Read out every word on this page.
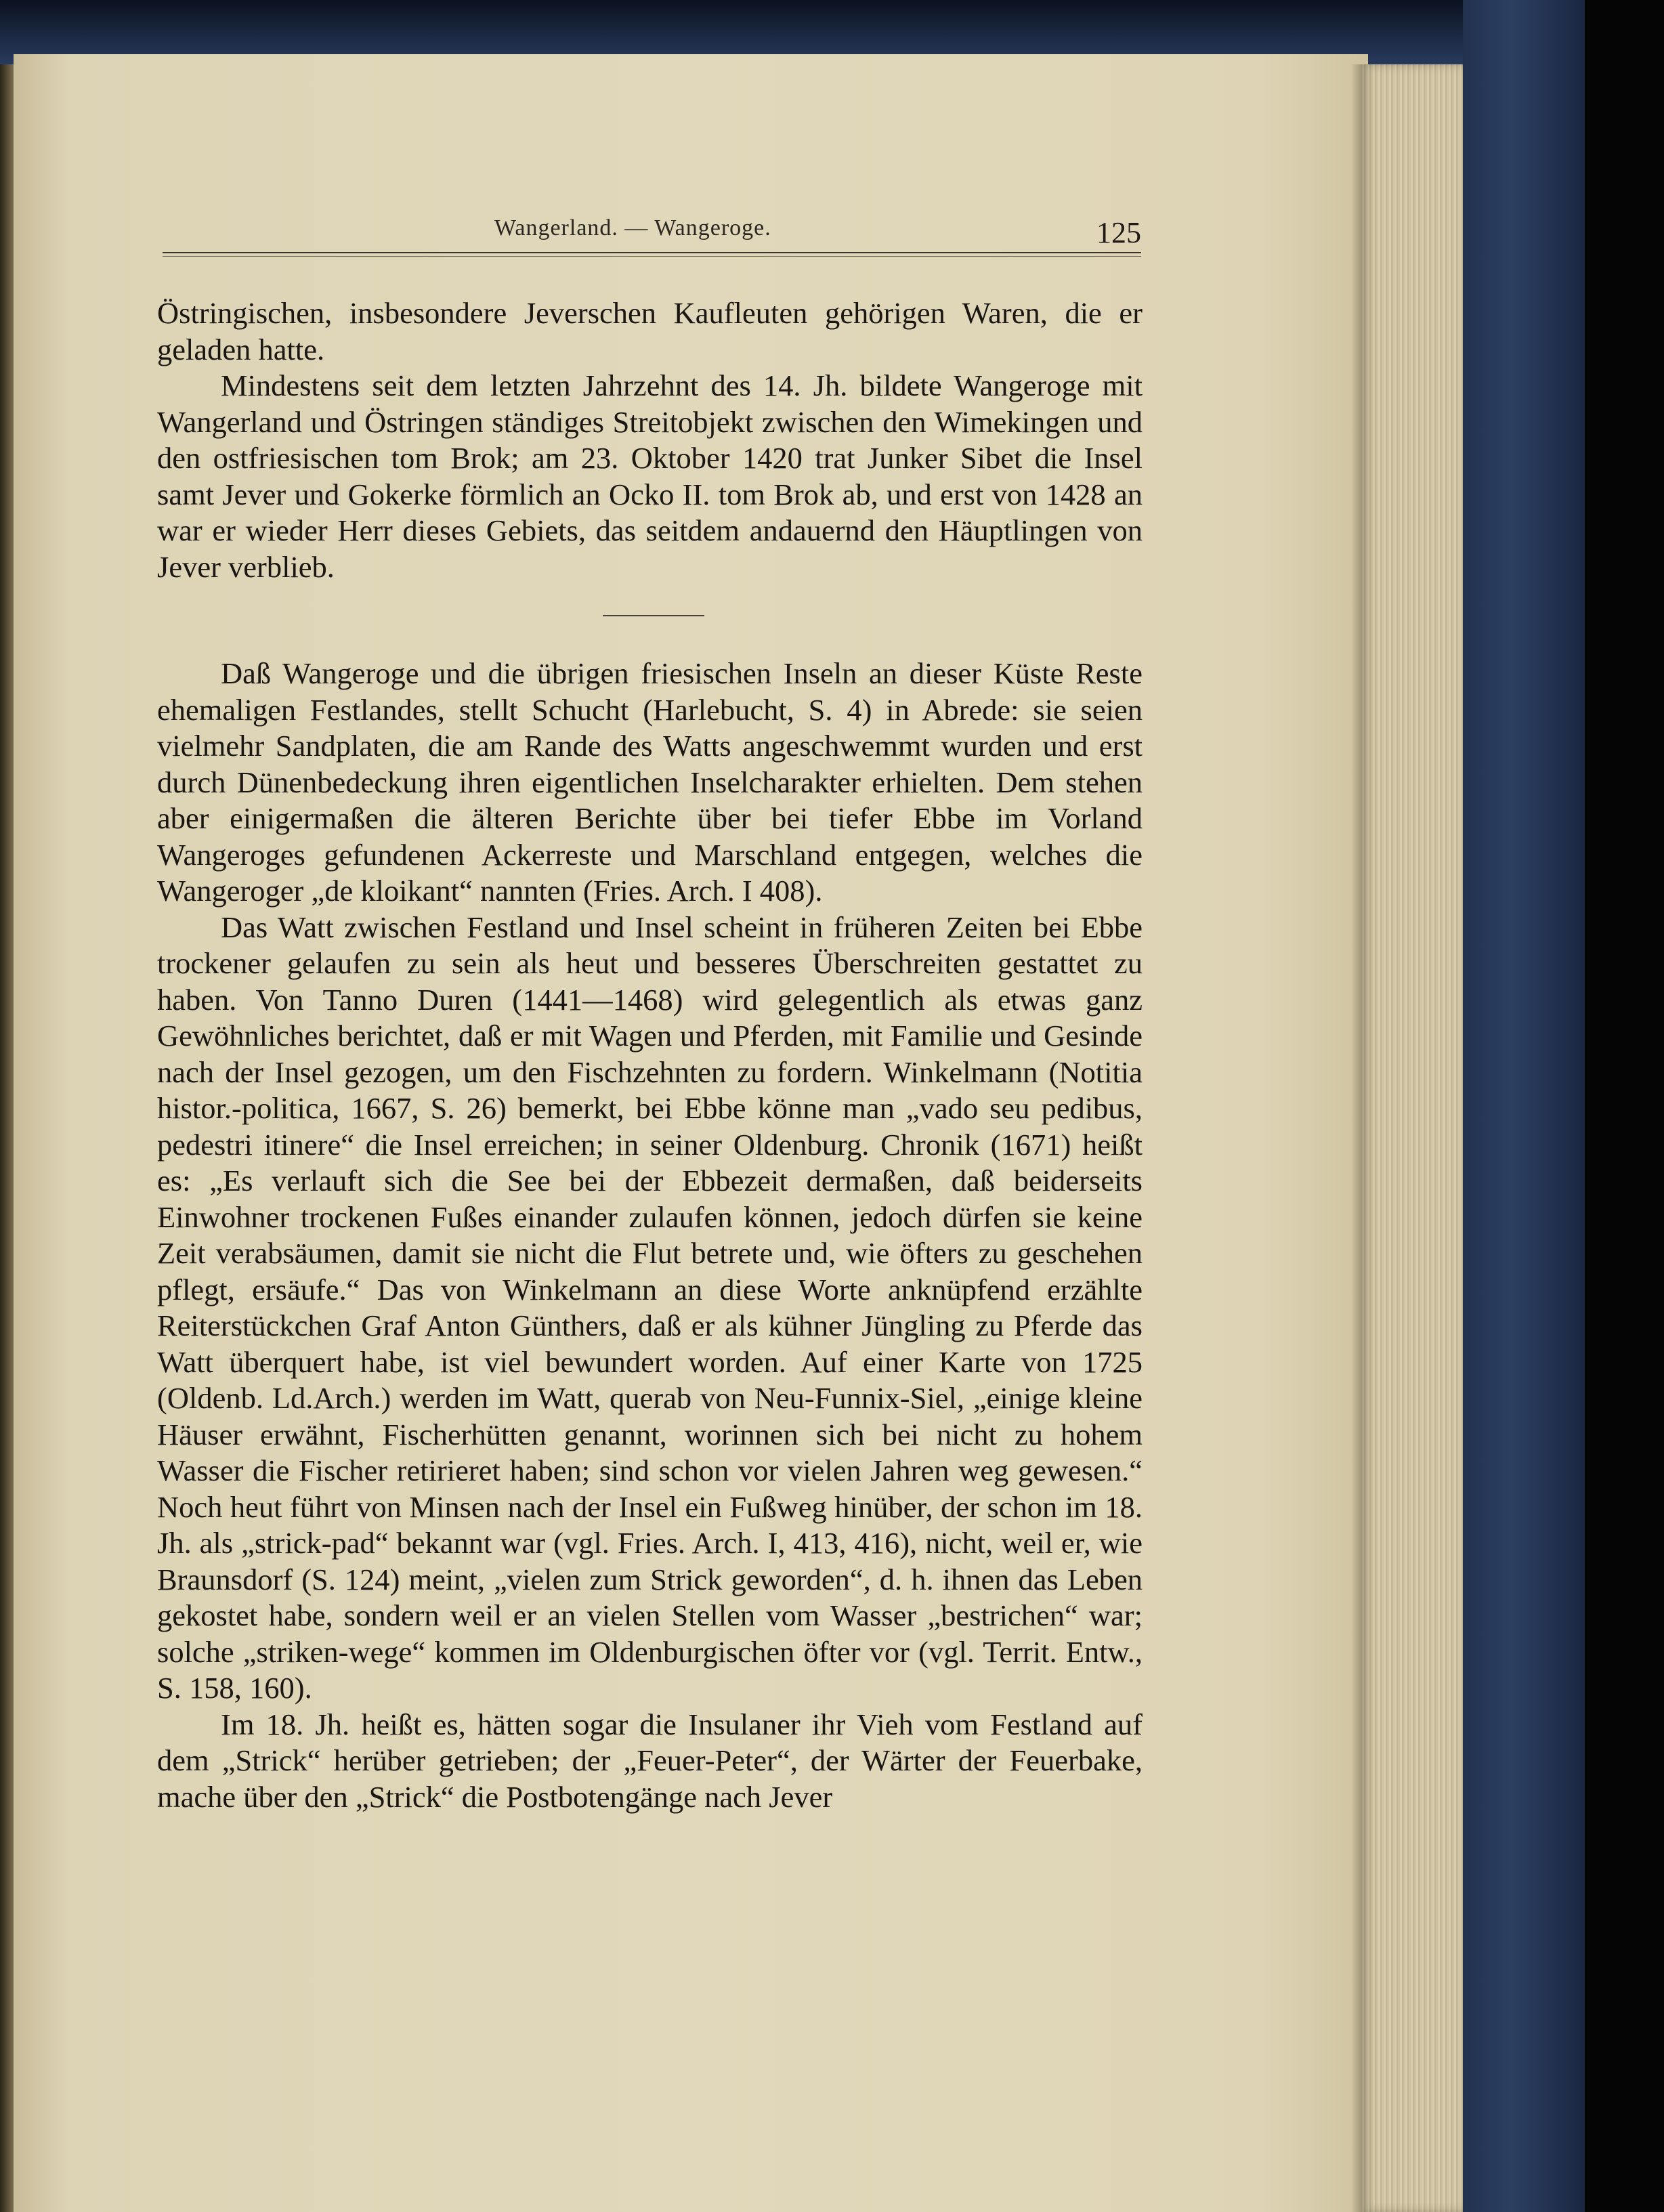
Wangerland. — Wangeroge.	125

Östringischen, insbesondere Jeverschen Kaufleuten gehörigen Waren, die er geladen hatte.

Mindestens seit dem letzten Jahrzehnt des 14. Jh. bildete Wangeroge mit Wangerland und Östringen ständiges Streitobjekt zwischen den Wimekingen und den ostfriesischen tom Brok; am 23. Oktober 1420 trat Junker Sibet die Insel samt Jever und Gokerke förmlich an Ocko II. tom Brok ab, und erst von 1428 an war er wieder Herr dieses Gebiets, das seitdem andauernd den Häuptlingen von Jever verblieb.

Daß Wangeroge und die übrigen friesischen Inseln an dieser Küste Reste ehemaligen Festlandes, stellt Schucht (Harlebucht, S. 4) in Abrede: sie seien vielmehr Sandplaten, die am Rande des Watts angeschwemmt wurden und erst durch Dünenbedeckung ihren eigentlichen Inselcharakter erhielten. Dem stehen aber einigermaßen die älteren Berichte über bei tiefer Ebbe im Vorland Wangeroges gefundenen Ackerreste und Marschland entgegen, welches die Wangeroger „de kloikant“ nannten (Fries. Arch. I 408).

Das Watt zwischen Festland und Insel scheint in früheren Zeiten bei Ebbe trockener gelaufen zu sein als heut und besseres Überschreiten gestattet zu haben. Von Tanno Duren (1441—1468) wird gelegentlich als etwas ganz Gewöhnliches berichtet, daß er mit Wagen und Pferden, mit Familie und Gesinde nach der Insel gezogen, um den Fischzehnten zu fordern. Winkelmann (Notitia histor.-politica, 1667, S. 26) bemerkt, bei Ebbe könne man „vado seu pedibus, pedestri itinere“ die Insel erreichen; in seiner Oldenburg. Chronik (1671) heißt es: „Es verlauft sich die See bei der Ebbezeit dermaßen, daß beiderseits Einwohner trockenen Fußes einander zulaufen können, jedoch dürfen sie keine Zeit verabsäumen, damit sie nicht die Flut betrete und, wie öfters zu geschehen pflegt, ersäufe.“ Das von Winkelmann an diese Worte anknüpfend erzählte Reiterstückchen Graf Anton Günthers, daß er als kühner Jüngling zu Pferde das Watt überquert habe, ist viel bewundert worden. Auf einer Karte von 1725 (Oldenb. Ld.Arch.) werden im Watt, querab von Neu-Funnix-Siel, „einige kleine Häuser erwähnt, Fischerhütten genannt, worinnen sich bei nicht zu hohem Wasser die Fischer retirieret haben; sind schon vor vielen Jahren weg gewesen.“ Noch heut führt von Minsen nach der Insel ein Fußweg hinüber, der schon im 18. Jh. als „strick-pad“ bekannt war (vgl. Fries. Arch. I, 413, 416), nicht, weil er, wie Braunsdorf (S. 124) meint, „vielen zum Strick geworden“, d. h. ihnen das Leben gekostet habe, sondern weil er an vielen Stellen vom Wasser „bestrichen“ war; solche „striken-wege“ kommen im Oldenburgischen öfter vor (vgl. Territ. Entw., S. 158, 160).

Im 18. Jh. heißt es, hätten sogar die Insulaner ihr Vieh vom Festland auf dem „Strick“ herüber getrieben; der „Feuer-Peter“, der Wärter der Feuerbake, mache über den „Strick“ die Postbotengänge nach Jever
